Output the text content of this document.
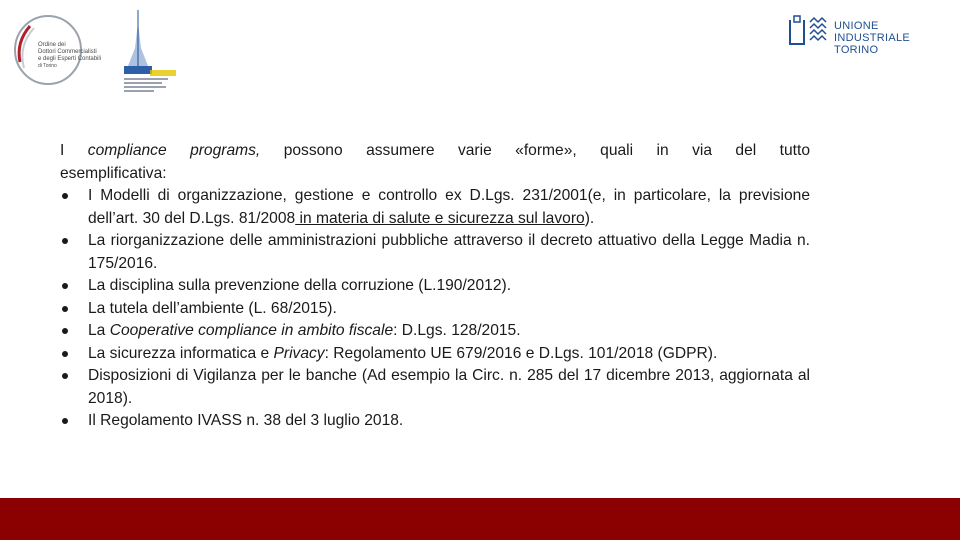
Ordine dei
Dottori Commercialisti
e degli Esperti Contabili
di Torino
UNIONE INDUSTRIALE
TORINO

I compliance programs, possono assumere varie «forme», quali in via del tutto
esemplificativa:

I Modelli di organizzazione, gestione e controllo ex D.Lgs. 231/2001(e, in particolare, la previsione dell’art. 30 del D.Lgs. 81/2008 in materia di salute e sicurezza sul lavoro).
La riorganizzazione delle amministrazioni pubbliche attraverso il decreto attuativo della Legge Madia n. 175/2016.
La disciplina sulla prevenzione della corruzione (L.190/2012).
La tutela dell’ambiente (L. 68/2015).
La Cooperative compliance in ambito fiscale: D.Lgs. 128/2015.
La sicurezza informatica e Privacy: Regolamento UE 679/2016 e D.Lgs. 101/2018 (GDPR).
Disposizioni di Vigilanza per le banche (Ad esempio la Circ. n. 285 del 17 dicembre 2013, aggiornata al 2018).
Il Regolamento IVASS n. 38 del 3 luglio 2018.
